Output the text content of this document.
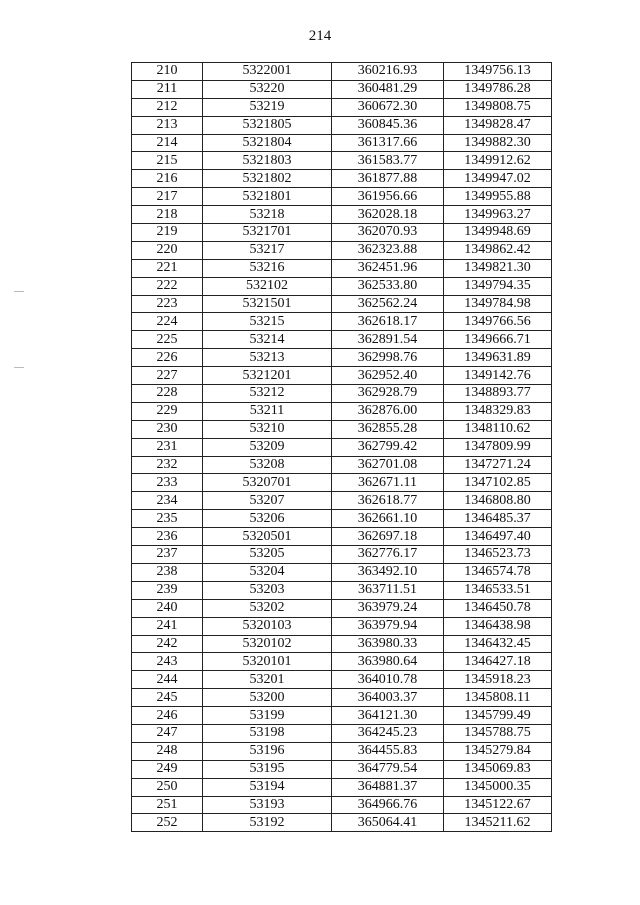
214
210	5322001	360216.93	1349756.13
211	53220	360481.29	1349786.28
212	53219	360672.30	1349808.75
213	5321805	360845.36	1349828.47
214	5321804	361317.66	1349882.30
215	5321803	361583.77	1349912.62
216	5321802	361877.88	1349947.02
217	5321801	361956.66	1349955.88
218	53218	362028.18	1349963.27
219	5321701	362070.93	1349948.69
220	53217	362323.88	1349862.42
221	53216	362451.96	1349821.30
222	532102	362533.80	1349794.35
223	5321501	362562.24	1349784.98
224	53215	362618.17	1349766.56
225	53214	362891.54	1349666.71
226	53213	362998.76	1349631.89
227	5321201	362952.40	1349142.76
228	53212	362928.79	1348893.77
229	53211	362876.00	1348329.83
230	53210	362855.28	1348110.62
231	53209	362799.42	1347809.99
232	53208	362701.08	1347271.24
233	5320701	362671.11	1347102.85
234	53207	362618.77	1346808.80
235	53206	362661.10	1346485.37
236	5320501	362697.18	1346497.40
237	53205	362776.17	1346523.73
238	53204	363492.10	1346574.78
239	53203	363711.51	1346533.51
240	53202	363979.24	1346450.78
241	5320103	363979.94	1346438.98
242	5320102	363980.33	1346432.45
243	5320101	363980.64	1346427.18
244	53201	364010.78	1345918.23
245	53200	364003.37	1345808.11
246	53199	364121.30	1345799.49
247	53198	364245.23	1345788.75
248	53196	364455.83	1345279.84
249	53195	364779.54	1345069.83
250	53194	364881.37	1345000.35
251	53193	364966.76	1345122.67
252	53192	365064.41	1345211.62
